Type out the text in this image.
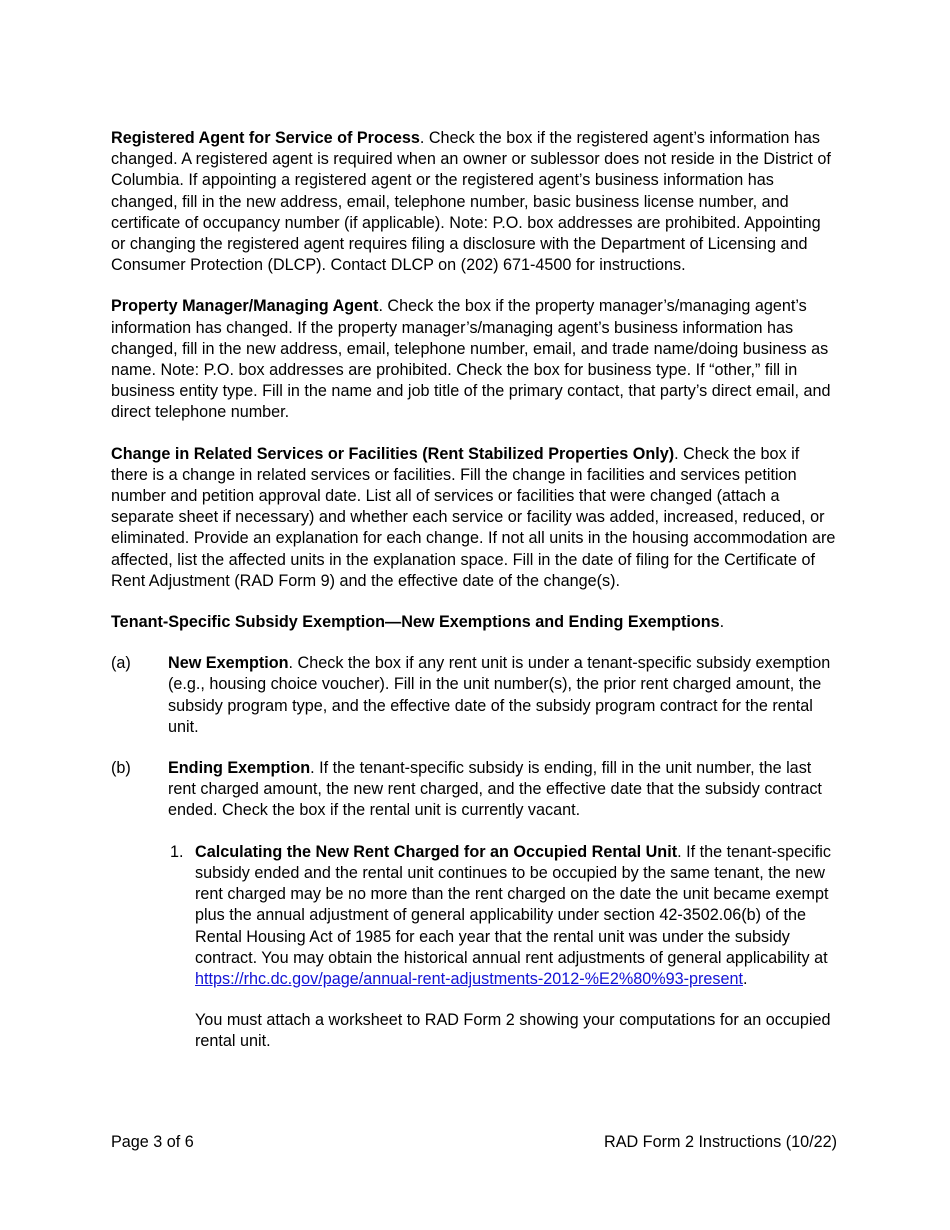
Registered Agent for Service of Process. Check the box if the registered agent’s information has changed. A registered agent is required when an owner or sublessor does not reside in the District of Columbia. If appointing a registered agent or the registered agent’s business information has changed, fill in the new address, email, telephone number, basic business license number, and certificate of occupancy number (if applicable). Note: P.O. box addresses are prohibited. Appointing or changing the registered agent requires filing a disclosure with the Department of Licensing and Consumer Protection (DLCP). Contact DLCP on (202) 671-4500 for instructions.

Property Manager/Managing Agent. Check the box if the property manager’s/managing agent’s information has changed. If the property manager’s/managing agent’s business information has changed, fill in the new address, email, telephone number, email, and trade name/doing business as name. Note: P.O. box addresses are prohibited. Check the box for business type. If “other,” fill in business entity type. Fill in the name and job title of the primary contact, that party’s direct email, and direct telephone number.

Change in Related Services or Facilities (Rent Stabilized Properties Only). Check the box if there is a change in related services or facilities. Fill the change in facilities and services petition number and petition approval date. List all of services or facilities that were changed (attach a separate sheet if necessary) and whether each service or facility was added, increased, reduced, or eliminated. Provide an explanation for each change. If not all units in the housing accommodation are affected, list the affected units in the explanation space. Fill in the date of filing for the Certificate of Rent Adjustment (RAD Form 9) and the effective date of the change(s).

Tenant-Specific Subsidy Exemption—New Exemptions and Ending Exemptions.

(a)	New Exemption. Check the box if any rent unit is under a tenant-specific subsidy exemption (e.g., housing choice voucher). Fill in the unit number(s), the prior rent charged amount, the subsidy program type, and the effective date of the subsidy program contract for the rental unit.
(b)	Ending Exemption. If the tenant-specific subsidy is ending, fill in the unit number, the last rent charged amount, the new rent charged, and the effective date that the subsidy contract ended. Check the box if the rental unit is currently vacant.
1. Calculating the New Rent Charged for an Occupied Rental Unit. If the tenant-specific subsidy ended and the rental unit continues to be occupied by the same tenant, the new rent charged may be no more than the rent charged on the date the unit became exempt plus the annual adjustment of general applicability under section 42-3502.06(b) of the Rental Housing Act of 1985 for each year that the rental unit was under the subsidy contract. You may obtain the historical annual rent adjustments of general applicability at https://rhc.dc.gov/page/annual-rent-adjustments-2012-%E2%80%93-present.

You must attach a worksheet to RAD Form 2 showing your computations for an occupied rental unit.

Page 3 of 6	RAD Form 2 Instructions (10/22)
